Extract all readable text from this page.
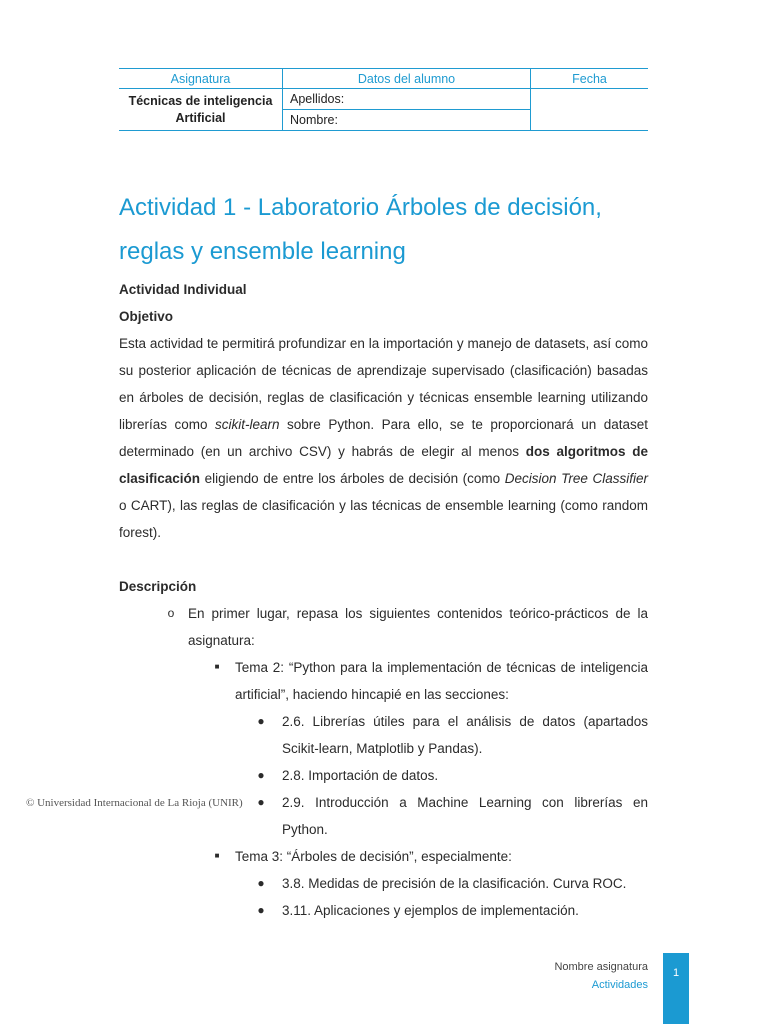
Asignatura	Datos del alumno	Fecha
Técnicas de inteligencia
Artificial	Apellidos:	
	Nombre:	
Actividad 1 - Laboratorio Árboles de decisión,
reglas y ensemble learning

Actividad Individual

Objetivo

Esta actividad te permitirá profundizar en la importación y manejo de datasets, así como su posterior aplicación de técnicas de aprendizaje supervisado (clasificación) basadas en árboles de decisión, reglas de clasificación y técnicas ensemble learning utilizando librerías como scikit-learn sobre Python. Para ello, se te proporcionará un dataset determinado (en un archivo CSV) y habrás de elegir al menos dos algoritmos de clasificación eligiendo de entre los árboles de decisión (como Decision Tree Classifier o CART), las reglas de clasificación y las técnicas de ensemble learning (como random forest).

Descripción

o	En primer lugar, repasa los siguientes contenidos teórico-prácticos de la asignatura:
■	Tema 2: “Python para la implementación de técnicas de inteligencia artificial”, haciendo hincapié en las secciones:
●	2.6. Librerías útiles para el análisis de datos (apartados Scikit-learn, Matplotlib y Pandas).
●	2.8. Importación de datos.
●	2.9. Introducción a Machine Learning con librerías en Python.
■	Tema 3: “Árboles de decisión”, especialmente:
●	3.8. Medidas de precisión de la clasificación. Curva ROC.
●	3.11. Aplicaciones y ejemplos de implementación.
© Universidad Internacional de La Rioja (UNIR)
Nombre asignatura
Actividades
1
